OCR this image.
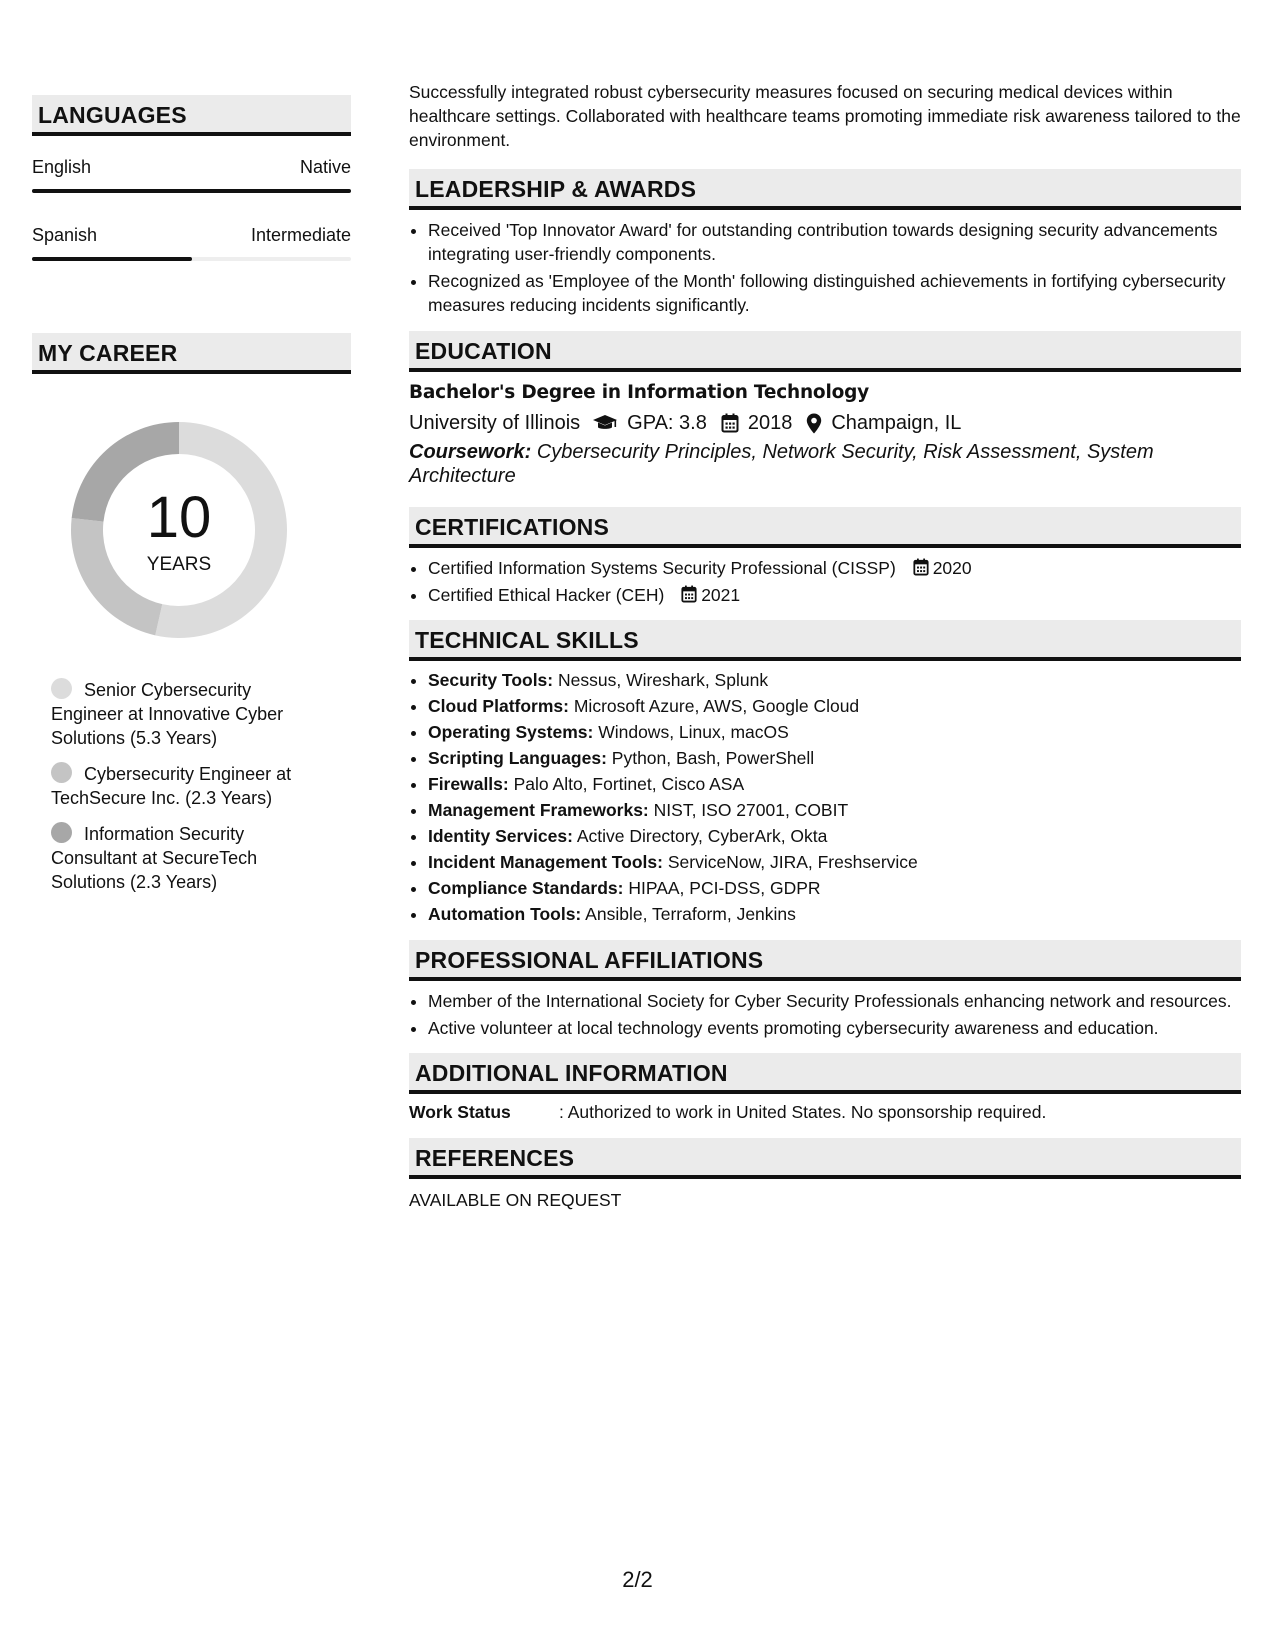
LANGUAGES
English	Native
Spanish	Intermediate
MY CAREER
10
YEARS
Senior Cybersecurity Engineer at Innovative Cyber Solutions (5.3 Years)
Cybersecurity Engineer at TechSecure Inc. (2.3 Years)
Information Security Consultant at SecureTech Solutions (2.3 Years)

Successfully integrated robust cybersecurity measures focused on securing medical devices within healthcare settings. Collaborated with healthcare teams promoting immediate risk awareness tailored to the environment.

LEADERSHIP & AWARDS
• Received 'Top Innovator Award' for outstanding contribution towards designing security advancements integrating user-friendly components.
• Recognized as 'Employee of the Month' following distinguished achievements in fortifying cybersecurity measures reducing incidents significantly.
EDUCATION
Bachelor's Degree in Information Technology
University of Illinois GPA: 3.8 2018 Champaign, IL
Coursework: Cybersecurity Principles, Network Security, Risk Assessment, System Architecture
CERTIFICATIONS
• Certified Information Systems Security Professional (CISSP) 2020
• Certified Ethical Hacker (CEH) 2021
TECHNICAL SKILLS
• Security Tools: Nessus, Wireshark, Splunk
• Cloud Platforms: Microsoft Azure, AWS, Google Cloud
• Operating Systems: Windows, Linux, macOS
• Scripting Languages: Python, Bash, PowerShell
• Firewalls: Palo Alto, Fortinet, Cisco ASA
• Management Frameworks: NIST, ISO 27001, COBIT
• Identity Services: Active Directory, CyberArk, Okta
• Incident Management Tools: ServiceNow, JIRA, Freshservice
• Compliance Standards: HIPAA, PCI-DSS, GDPR
• Automation Tools: Ansible, Terraform, Jenkins
PROFESSIONAL AFFILIATIONS
• Member of the International Society for Cyber Security Professionals enhancing network and resources.
• Active volunteer at local technology events promoting cybersecurity awareness and education.
ADDITIONAL INFORMATION
Work Status	: Authorized to work in United States. No sponsorship required.
REFERENCES

AVAILABLE ON REQUEST

2/2
